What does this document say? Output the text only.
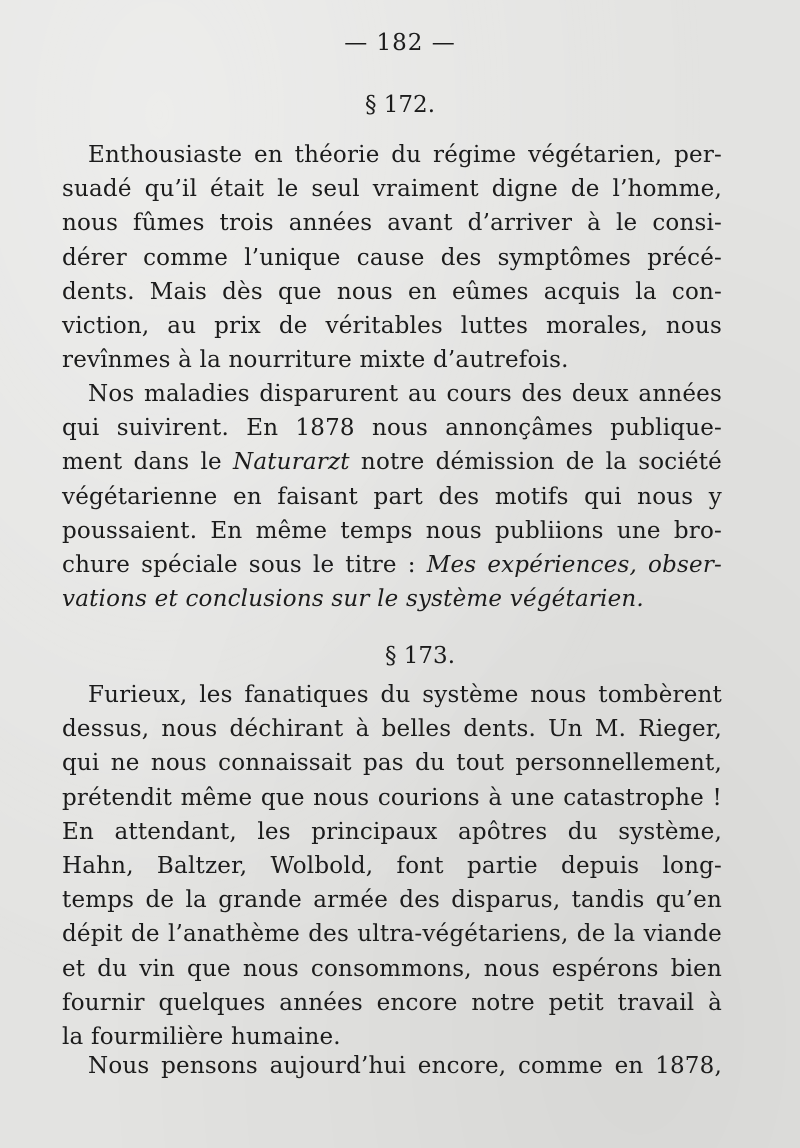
— 182 —
§ 172.
Enthousiaste en théorie du régime végétarien, per-
suadé qu’il était le seul vraiment digne de l’homme,
nous fûmes trois années avant d’arriver à le consi-
dérer comme l’unique cause des symptômes précé-
dents. Mais dès que nous en eûmes acquis la con-
viction, au prix de véritables luttes morales, nous
revînmes à la nourriture mixte d’autrefois.
Nos maladies disparurent au cours des deux années
qui suivirent. En 1878 nous annonçâmes publique-
ment dans le Naturarzt notre démission de la société
végétarienne en faisant part des motifs qui nous y
poussaient. En même temps nous publiions une bro-
chure spéciale sous le titre : Mes expériences, obser-
vations et conclusions sur le système végétarien.
§ 173.
Furieux, les fanatiques du système nous tombèrent
dessus, nous déchirant à belles dents. Un M. Rieger,
qui ne nous connaissait pas du tout personnellement,
prétendit même que nous courions à une catastrophe !
En attendant, les principaux apôtres du système,
Hahn, Baltzer, Wolbold, font partie depuis long-
temps de la grande armée des disparus, tandis qu’en
dépit de l’anathème des ultra-végétariens, de la viande
et du vin que nous consommons, nous espérons bien
fournir quelques années encore notre petit travail à
la fourmilière humaine.
Nous pensons aujourd’hui encore, comme en 1878,
